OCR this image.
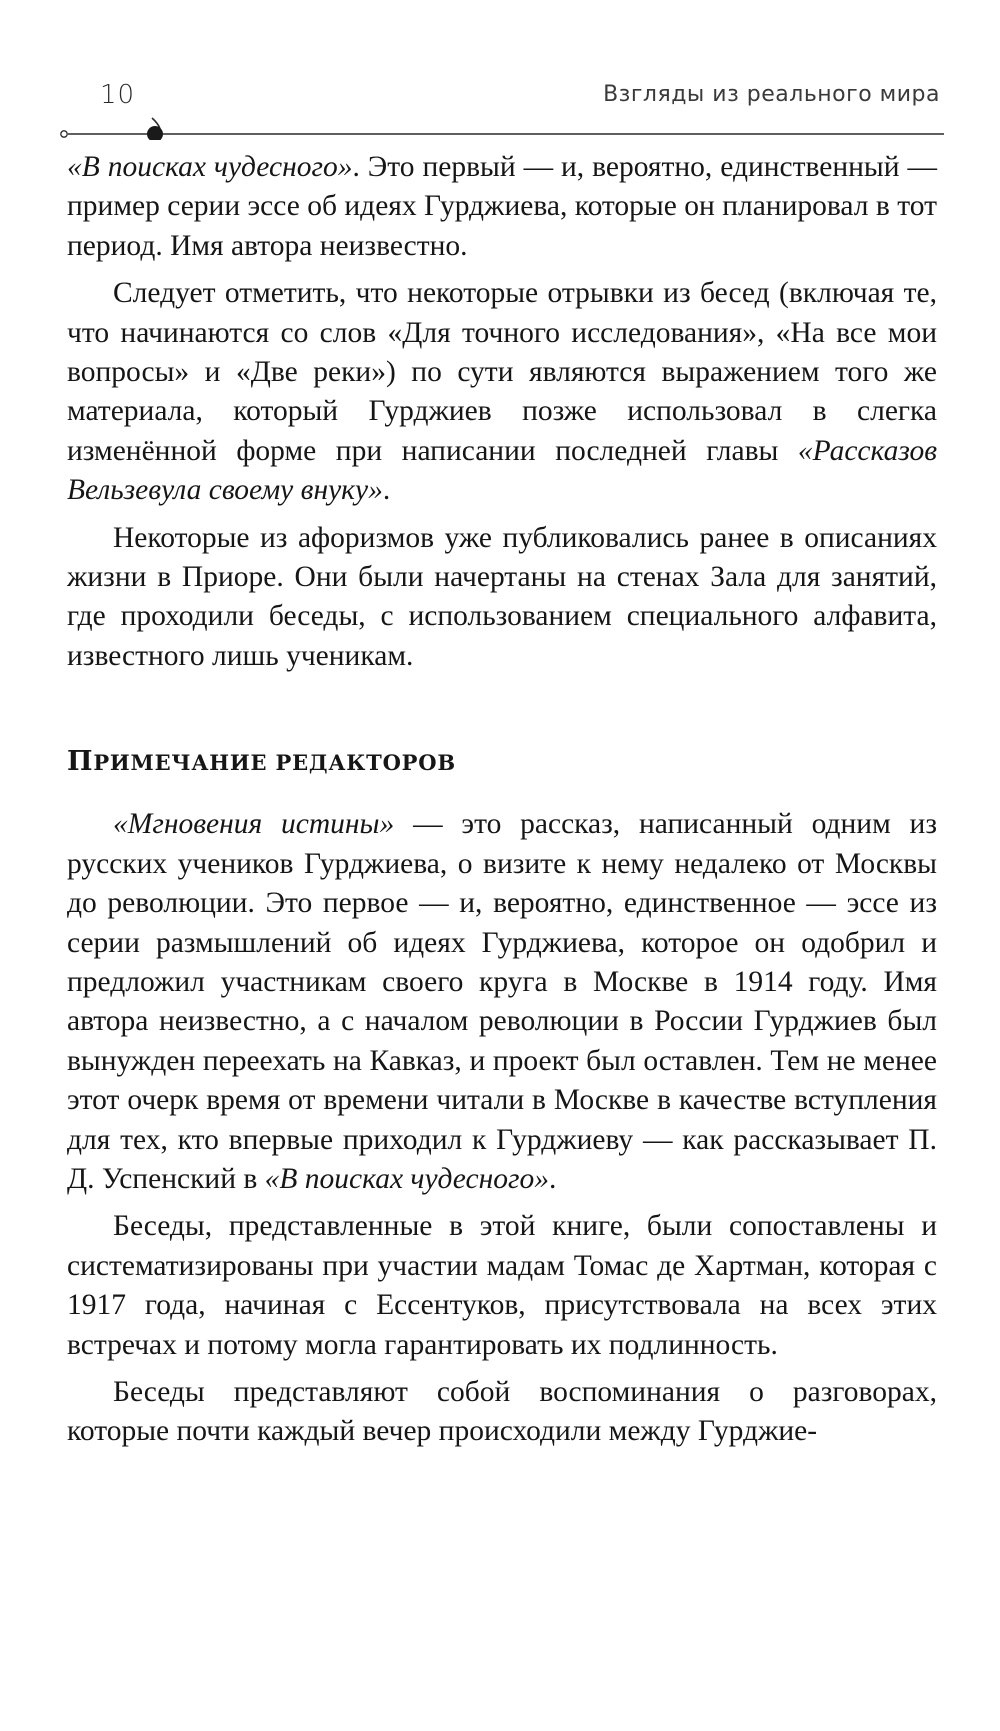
10	Взгляды из реального мира

«В поисках чудесного». Это первый — и, вероятно, единственный — пример серии эссе об идеях Гурджиева, которые он планировал в тот период. Имя автора неизвестно.

Следует отметить, что некоторые отрывки из бесед (включая те, что начинаются со слов «Для точного исследования», «На все мои вопросы» и «Две реки») по сути являются выражением того же материала, который Гурджиев позже использовал в слегка изменённой форме при написании последней главы «Рассказов Вельзевула своему внуку».

Некоторые из афоризмов уже публиковались ранее в описаниях жизни в Приоре. Они были начертаны на стенах Зала для занятий, где проходили беседы, с использованием специального алфавита, известного лишь ученикам.

ПРИМЕЧАНИЕ РЕДАКТОРОВ

«Мгновения истины» — это рассказ, написанный одним из русских учеников Гурджиева, о визите к нему недалеко от Москвы до революции. Это первое — и, вероятно, единственное — эссе из серии размышлений об идеях Гурджиева, которое он одобрил и предложил участникам своего круга в Москве в 1914 году. Имя автора неизвестно, а с началом революции в России Гурджиев был вынужден переехать на Кавказ, и проект был оставлен. Тем не менее этот очерк время от времени читали в Москве в качестве вступления для тех, кто впервые приходил к Гурджиеву — как рассказывает П. Д. Успенский в «В поисках чудесного».

Беседы, представленные в этой книге, были сопоставлены и систематизированы при участии мадам Томас де Хартман, которая с 1917 года, начиная с Ессентуков, присутствовала на всех этих встречах и потому могла гарантировать их подлинность.

Беседы представляют собой воспоминания о разговорах, которые почти каждый вечер происходили между Гурджие-
